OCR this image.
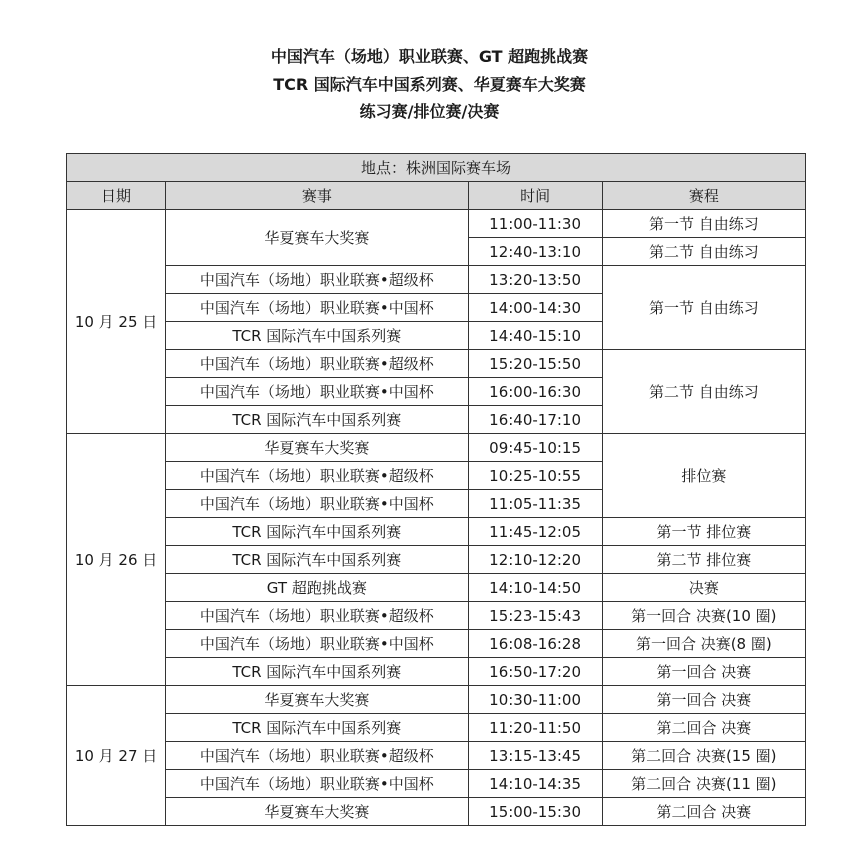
中国汽车（场地）职业联赛、GT 超跑挑战赛
TCR 国际汽车中国系列赛、华夏赛车大奖赛
练习赛/排位赛/决赛
地点：株洲国际赛车场			
日期	赛事	时间	赛程
10 月 25 日	华夏赛车大奖赛	11:00-11:30	第一节 自由练习
		12:40-13:10	第二节 自由练习
	中国汽车（场地）职业联赛•超级杯	13:20-13:50	第一节 自由练习
	中国汽车（场地）职业联赛•中国杯	14:00-14:30	
	TCR 国际汽车中国系列赛	14:40-15:10	
	中国汽车（场地）职业联赛•超级杯	15:20-15:50	第二节 自由练习
	中国汽车（场地）职业联赛•中国杯	16:00-16:30	
	TCR 国际汽车中国系列赛	16:40-17:10	
10 月 26 日	华夏赛车大奖赛	09:45-10:15	排位赛
	中国汽车（场地）职业联赛•超级杯	10:25-10:55	
	中国汽车（场地）职业联赛•中国杯	11:05-11:35	
	TCR 国际汽车中国系列赛	11:45-12:05	第一节 排位赛
	TCR 国际汽车中国系列赛	12:10-12:20	第二节 排位赛
	GT 超跑挑战赛	14:10-14:50	决赛
	中国汽车（场地）职业联赛•超级杯	15:23-15:43	第一回合 决赛(10 圈)
	中国汽车（场地）职业联赛•中国杯	16:08-16:28	第一回合 决赛(8 圈)
	TCR 国际汽车中国系列赛	16:50-17:20	第一回合 决赛
10 月 27 日	华夏赛车大奖赛	10:30-11:00	第一回合 决赛
	TCR 国际汽车中国系列赛	11:20-11:50	第二回合 决赛
	中国汽车（场地）职业联赛•超级杯	13:15-13:45	第二回合 决赛(15 圈)
	中国汽车（场地）职业联赛•中国杯	14:10-14:35	第二回合 决赛(11 圈)
	华夏赛车大奖赛	15:00-15:30	第二回合 决赛
